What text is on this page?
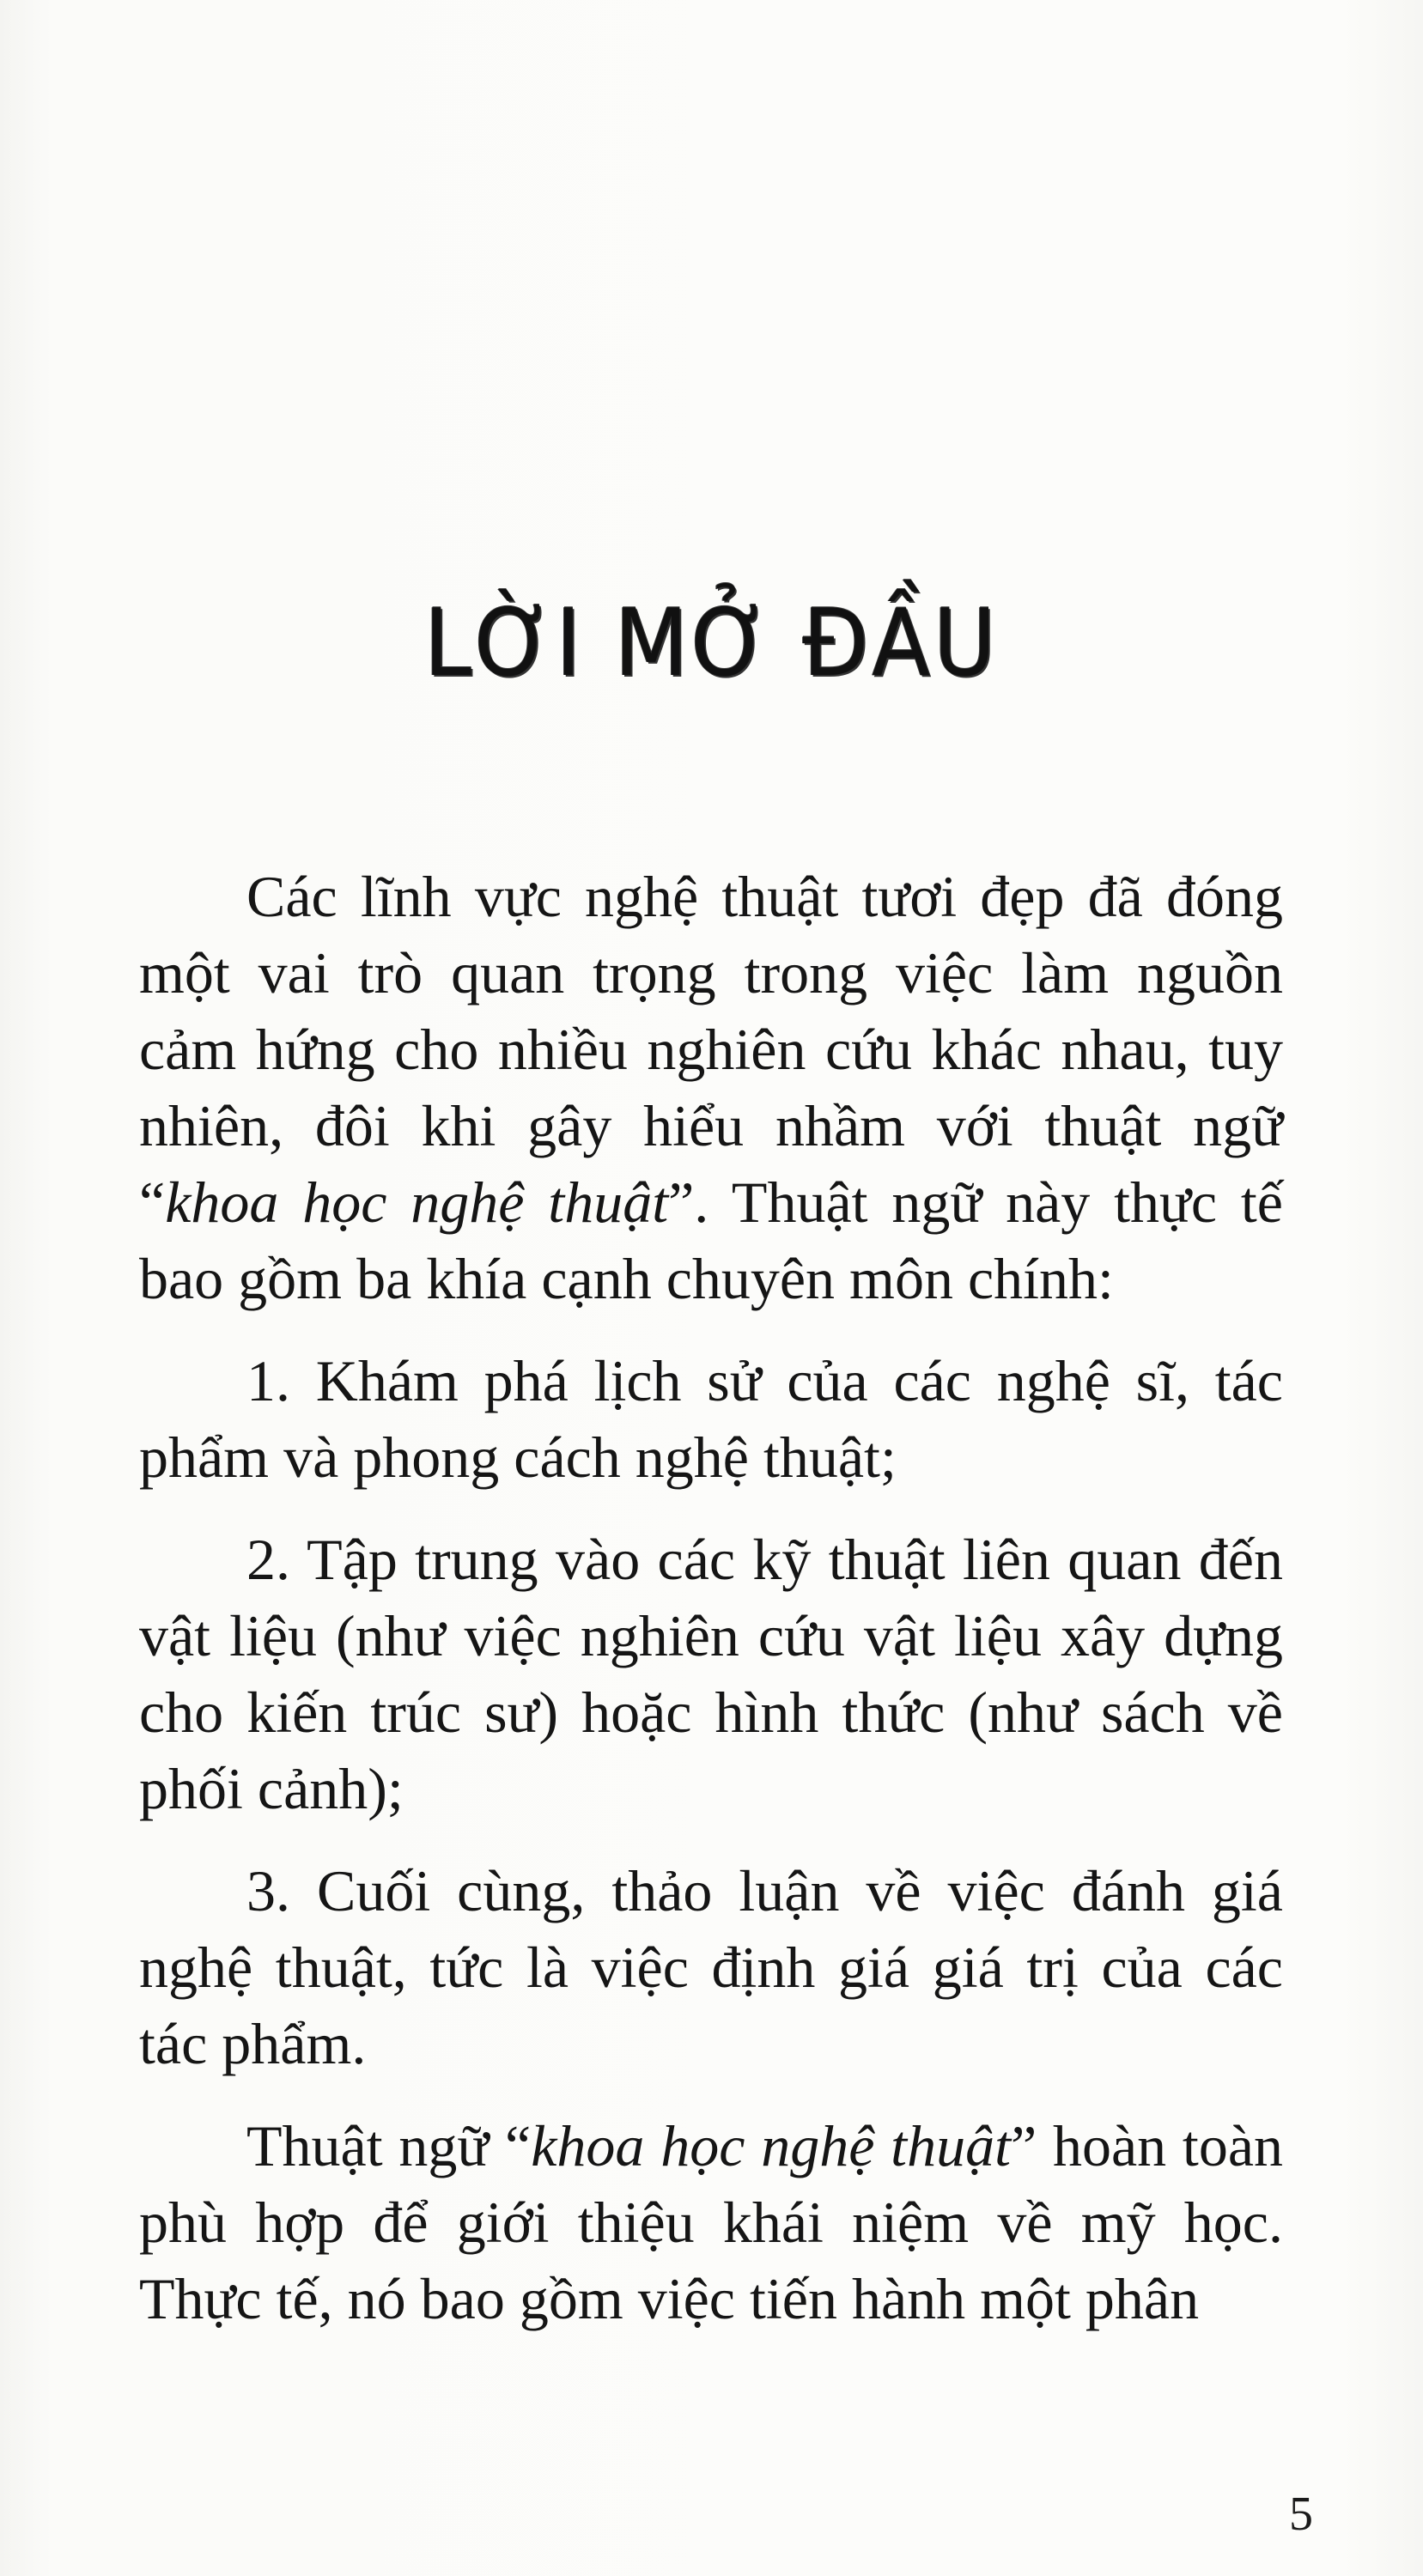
LỜI MỞ ĐẦU

Các lĩnh vực nghệ thuật tươi đẹp đã đóng một vai trò quan trọng trong việc làm nguồn cảm hứng cho nhiều nghiên cứu khác nhau, tuy nhiên, đôi khi gây hiểu nhầm với thuật ngữ “khoa học nghệ thuật”. Thuật ngữ này thực tế bao gồm ba khía cạnh chuyên môn chính:

1. Khám phá lịch sử của các nghệ sĩ, tác phẩm và phong cách nghệ thuật;

2. Tập trung vào các kỹ thuật liên quan đến vật liệu (như việc nghiên cứu vật liệu xây dựng cho kiến trúc sư) hoặc hình thức (như sách về phối cảnh);

3. Cuối cùng, thảo luận về việc đánh giá nghệ thuật, tức là việc định giá giá trị của các tác phẩm.

Thuật ngữ “khoa học nghệ thuật” hoàn toàn phù hợp để giới thiệu khái niệm về mỹ học. Thực tế, nó bao gồm việc tiến hành một phân

5
